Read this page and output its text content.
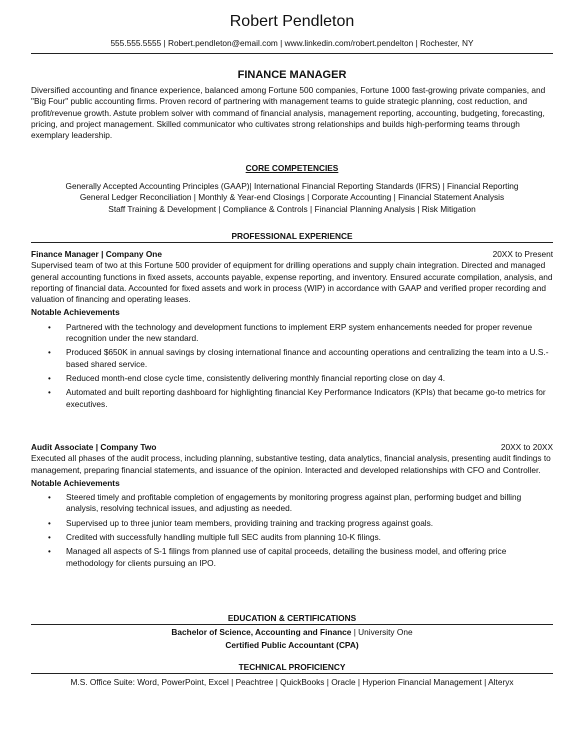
Robert Pendleton
555.555.5555 | Robert.pendleton@email.com | www.linkedin.com/robert.pendelton | Rochester, NY
FINANCE MANAGER
Diversified accounting and finance experience, balanced among Fortune 500 companies, Fortune 1000 fast-growing private companies, and "Big Four" public accounting firms. Proven record of partnering with management teams to guide strategic planning, cost reduction, and profit/revenue growth. Astute problem solver with command of financial analysis, management reporting, accounting, budgeting, forecasting, pricing, and project management. Skilled communicator who cultivates strong relationships and builds high-performing teams through exemplary leadership.
CORE COMPETENCIES
Generally Accepted Accounting Principles (GAAP)| International Financial Reporting Standards (IFRS) | Financial Reporting
General Ledger Reconciliation | Monthly & Year-end Closings | Corporate Accounting | Financial Statement Analysis
Staff Training & Development | Compliance & Controls | Financial Planning Analysis | Risk Mitigation
PROFESSIONAL EXPERIENCE
Finance Manager | Company One	20XX to Present
Supervised team of two at this Fortune 500 provider of equipment for drilling operations and supply chain integration. Directed and managed general accounting functions in fixed assets, accounts payable, expense reporting, and inventory. Ensured accurate compilation, analysis, and reporting of financial data. Accounted for fixed assets and work in process (WIP) in accordance with GAAP and verified proper recording and valuation of financing and operating leases.
Notable Achievements
• Partnered with the technology and development functions to implement ERP system enhancements needed for proper revenue recognition under the new standard.
• Produced $650K in annual savings by closing international finance and accounting operations and centralizing the team into a U.S.-based shared service.
• Reduced month-end close cycle time, consistently delivering monthly financial reporting close on day 4.
• Automated and built reporting dashboard for highlighting financial Key Performance Indicators (KPIs) that became go-to metrics for executives.
Audit Associate | Company Two	20XX to 20XX
Executed all phases of the audit process, including planning, substantive testing, data analytics, financial analysis, presenting audit findings to management, preparing financial statements, and issuance of the opinion. Interacted and developed relationships with CFO and Controller.
Notable Achievements
• Steered timely and profitable completion of engagements by monitoring progress against plan, performing budget and billing analysis, resolving technical issues, and adjusting as needed.
• Supervised up to three junior team members, providing training and tracking progress against goals.
• Credited with successfully handling multiple full SEC audits from planning 10-K filings.
• Managed all aspects of S-1 filings from planned use of capital proceeds, detailing the business model, and offering price methodology for clients pursuing an IPO.
EDUCATION & CERTIFICATIONS
Bachelor of Science, Accounting and Finance | University One
Certified Public Accountant (CPA)
TECHNICAL PROFICIENCY
M.S. Office Suite: Word, PowerPoint, Excel | Peachtree | QuickBooks | Oracle | Hyperion Financial Management | Alteryx
